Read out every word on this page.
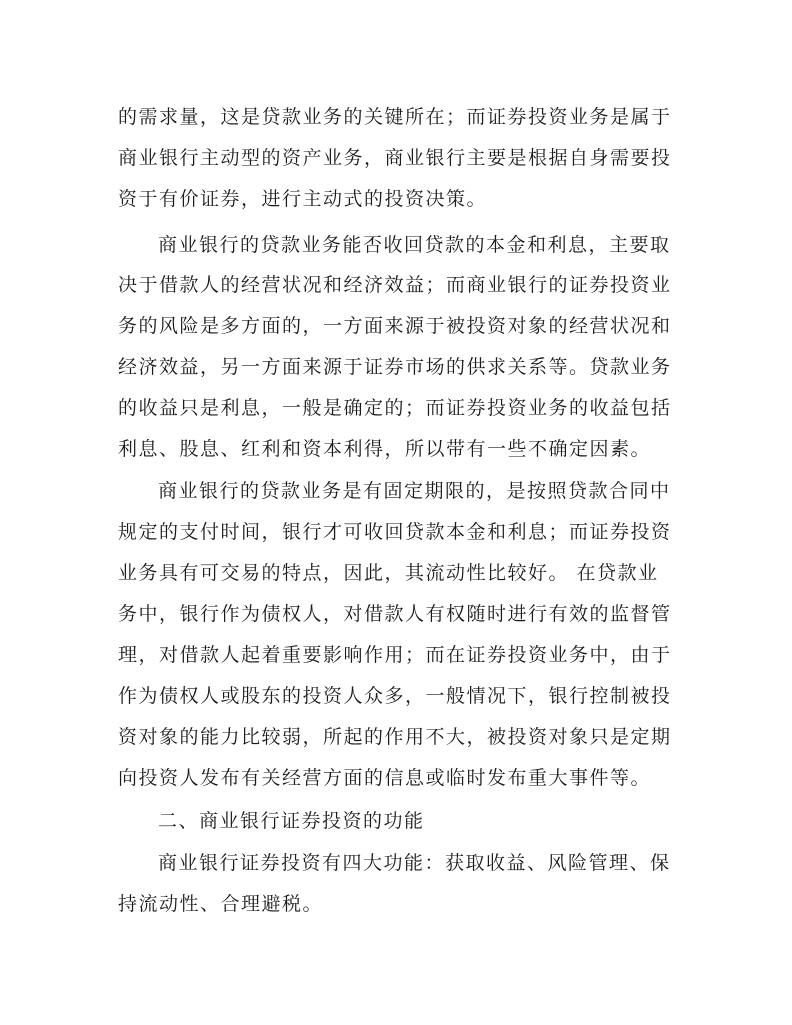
的需求量，这是贷款业务的关键所在；而证券投资业务是属于
商业银行主动型的资产业务，商业银行主要是根据自身需要投
资于有价证券，进行主动式的投资决策。
商业银行的贷款业务能否收回贷款的本金和利息，主要取
决于借款人的经营状况和经济效益；而商业银行的证券投资业
务的风险是多方面的，一方面来源于被投资对象的经营状况和
经济效益，另一方面来源于证券市场的供求关系等。贷款业务
的收益只是利息，一般是确定的；而证券投资业务的收益包括
利息、股息、红利和资本利得，所以带有一些不确定因素。
商业银行的贷款业务是有固定期限的，是按照贷款合同中
规定的支付时间，银行才可收回贷款本金和利息；而证券投资
业务具有可交易的特点，因此，其流动性比较好。 在贷款业
务中，银行作为债权人，对借款人有权随时进行有效的监督管
理，对借款人起着重要影响作用；而在证券投资业务中，由于
作为债权人或股东的投资人众多，一般情况下，银行控制被投
资对象的能力比较弱，所起的作用不大，被投资对象只是定期
向投资人发布有关经营方面的信息或临时发布重大事件等。
二、商业银行证券投资的功能
商业银行证券投资有四大功能：获取收益、风险管理、保
持流动性、合理避税。
